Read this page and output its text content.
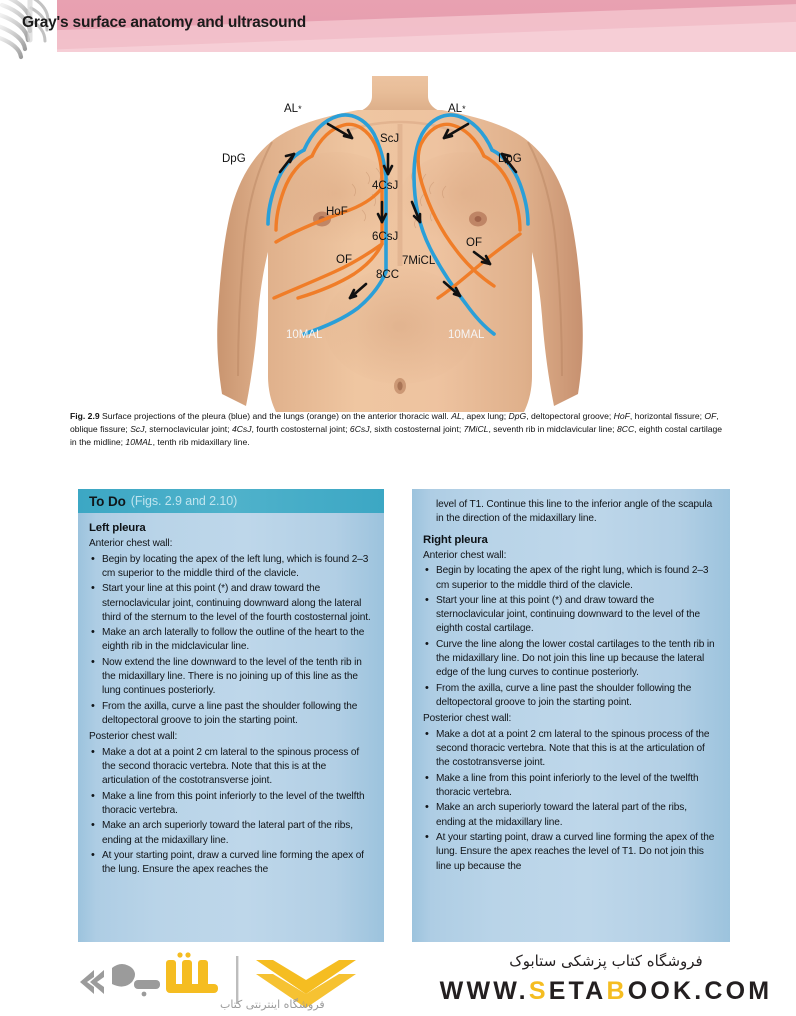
Gray's surface anatomy and ultrasound
AL*	AL*
DpG	DpG
ScJ
4CsJ
HoF
6CsJ
OF
OF
7MiCL
8CC
10MAL	10MAL
Fig. 2.9 Surface projections of the pleura (blue) and the lungs (orange) on the anterior thoracic wall. AL, apex lung; DpG, deltopectoral groove; HoF, horizontal fissure; OF, oblique fissure; ScJ, sternoclavicular joint; 4CsJ, fourth costosternal joint; 6CsJ, sixth costosternal joint; 7MiCL, seventh rib in midclavicular line; 8CC, eighth costal cartilage in the midline; 10MAL, tenth rib midaxillary line.
To Do (Figs. 2.9 and 2.10)
Left pleura

Anterior chest wall:

• Begin by locating the apex of the left lung, which is found 2–3 cm superior to the middle third of the clavicle.
• Start your line at this point (*) and draw toward the sternoclavicular joint, continuing downward along the lateral third of the sternum to the level of the fourth costosternal joint.
• Make an arch laterally to follow the outline of the heart to the eighth rib in the midclavicular line.
• Now extend the line downward to the level of the tenth rib in the midaxillary line. There is no joining up of this line as the lung continues posteriorly.
• From the axilla, curve a line past the shoulder following the deltopectoral groove to join the starting point.

Posterior chest wall:

• Make a dot at a point 2 cm lateral to the spinous process of the second thoracic vertebra. Note that this is at the articulation of the costotransverse joint.
• Make a line from this point inferiorly to the level of the twelfth thoracic vertebra.
• Make an arch superiorly toward the lateral part of the ribs, ending at the midaxillary line.
• At your starting point, draw a curved line forming the apex of the lung. Ensure the apex reaches the

level of T1. Continue this line to the inferior angle of the scapula in the direction of the midaxillary line.

Right pleura

Anterior chest wall:

• Begin by locating the apex of the right lung, which is found 2–3 cm superior to the middle third of the clavicle.
• Start your line at this point (*) and draw toward the sternoclavicular joint, continuing downward to the level of the eighth costal cartilage.
• Curve the line along the lower costal cartilages to the tenth rib in the midaxillary line. Do not join this line up because the lateral edge of the lung curves to continue posteriorly.
• From the axilla, curve a line past the shoulder following the deltopectoral groove to join the starting point.

Posterior chest wall:

• Make a dot at a point 2 cm lateral to the spinous process of the second thoracic vertebra. Note that this is at the articulation of the costotransverse joint.
• Make a line from this point inferiorly to the level of the twelfth thoracic vertebra.
• Make an arch superiorly toward the lateral part of the ribs, ending at the midaxillary line.
• At your starting point, draw a curved line forming the apex of the lung. Ensure the apex reaches the level of T1. Do not join this line up because the
فروشگاه اینترنتی کتاب
فروشگاه کتاب پزشکی ستابوک
WWW.SETABOOK.COM
